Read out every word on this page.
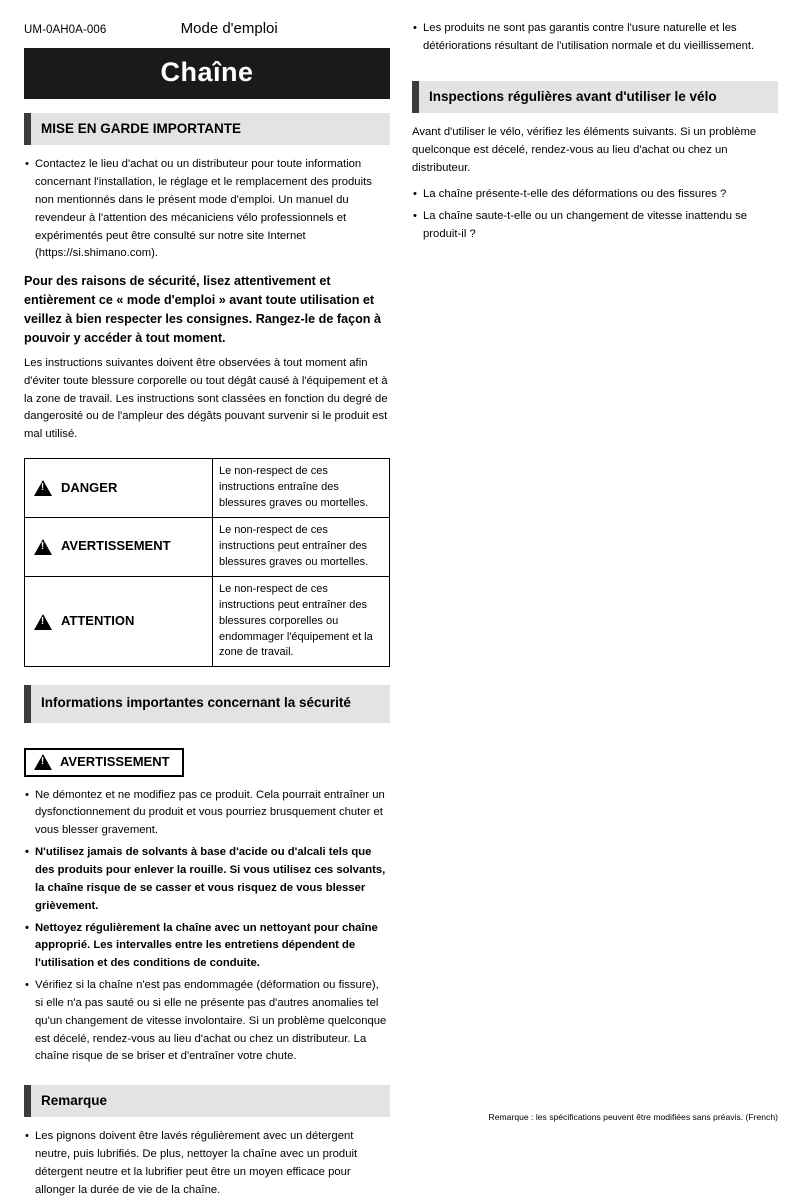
UM-0AH0A-006	Mode d'emploi
Chaîne
MISE EN GARDE IMPORTANTE
• Contactez le lieu d'achat ou un distributeur pour toute information concernant l'installation, le réglage et le remplacement des produits non mentionnés dans le présent mode d'emploi. Un manuel du revendeur à l'attention des mécaniciens vélo professionnels et expérimentés peut être consulté sur notre site Internet (https://si.shimano.com).

Pour des raisons de sécurité, lisez attentivement et entièrement ce « mode d'emploi » avant toute utilisation et veillez à bien respecter les consignes. Rangez-le de façon à pouvoir y accéder à tout moment.

Les instructions suivantes doivent être observées à tout moment afin d'éviter toute blessure corporelle ou tout dégât causé à l'équipement et à la zone de travail. Les instructions sont classées en fonction du degré de dangerosité ou de l'ampleur des dégâts pouvant survenir si le produit est mal utilisé.

!
DANGER	Le non-respect de ces instructions entraîne des blessures graves ou mortelles.

!
AVERTISSEMENT	Le non-respect de ces instructions peut entraîner des blessures graves ou mortelles.

!
ATTENTION	Le non-respect de ces instructions peut entraîner des blessures corporelles ou endommager l'équipement et la zone de travail.
Informations importantes concernant la sécurité
!
AVERTISSEMENT
• Ne démontez et ne modifiez pas ce produit. Cela pourrait entraîner un dysfonctionnement du produit et vous pourriez brusquement chuter et vous blesser gravement.
• N'utilisez jamais de solvants à base d'acide ou d'alcali tels que des produits pour enlever la rouille. Si vous utilisez ces solvants, la chaîne risque de se casser et vous risquez de vous blesser grièvement.
• Nettoyez régulièrement la chaîne avec un nettoyant pour chaîne approprié. Les intervalles entre les entretiens dépendent de l'utilisation et des conditions de conduite.
• Vérifiez si la chaîne n'est pas endommagée (déformation ou fissure), si elle n'a pas sauté ou si elle ne présente pas d'autres anomalies tel qu'un changement de vitesse involontaire. Si un problème quelconque est décelé, rendez-vous au lieu d'achat ou chez un distributeur. La chaîne risque de se briser et d'entraîner votre chute.
Remarque
• Les pignons doivent être lavés régulièrement avec un détergent neutre, puis lubrifiés. De plus, nettoyer la chaîne avec un produit détergent neutre et la lubrifier peut être un moyen efficace pour allonger la durée de vie de la chaîne.
• Les produits ne sont pas garantis contre l'usure naturelle et les détériorations résultant de l'utilisation normale et du vieillissement.
Inspections régulières avant d'utiliser le vélo

Avant d'utiliser le vélo, vérifiez les éléments suivants. Si un problème quelconque est décelé, rendez-vous au lieu d'achat ou chez un distributeur.

• La chaîne présente-t-elle des déformations ou des fissures ?
• La chaîne saute-t-elle ou un changement de vitesse inattendu se produit-il ?
Remarque : les spécifications peuvent être modifiées sans préavis. (French)
